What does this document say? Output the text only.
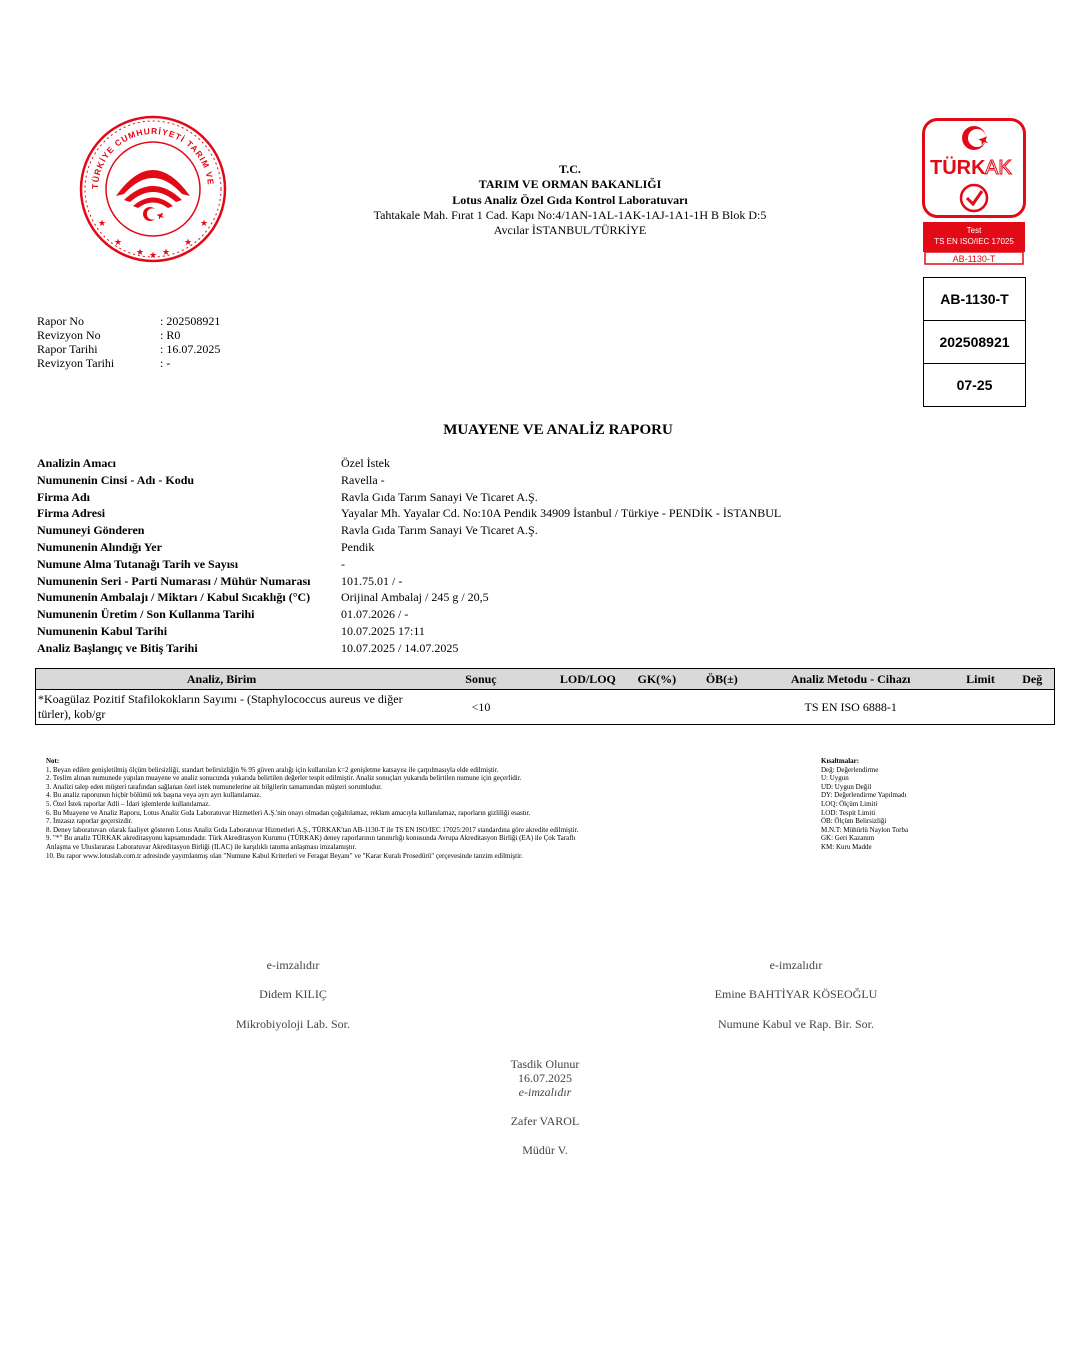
TÜRKİYE CUMHURİYETİ TARIM VE
★	★
★	★
★ ★
★
T.C.
TARIM VE ORMAN BAKANLIĞI
Lotus Analiz Özel Gıda Kontrol Laboratuvarı
Tahtakale Mah. Fırat 1 Cad. Kapı No:4/1AN-1AL-1AK-1AJ-1A1-1H B Blok D:5
Avcılar İSTANBUL/TÜRKİYE
TÜRK AK
Test
TS EN ISO/IEC 17025
AB-1130-T
AB-1130-T
202508921
07-25
Rapor No	: 202508921
Revizyon No	: R0
Rapor Tarihi	: 16.07.2025
Revizyon Tarihi	: -
MUAYENE VE ANALİZ RAPORU
Analizin Amacı	Özel İstek
Numunenin Cinsi - Adı - Kodu	Ravella -
Firma Adı	Ravla Gıda Tarım Sanayi Ve Ticaret A.Ş.
Firma Adresi	Yayalar Mh. Yayalar Cd. No:10A Pendik 34909 İstanbul / Türkiye - PENDİK - İSTANBUL
Numuneyi Gönderen	Ravla Gıda Tarım Sanayi Ve Ticaret A.Ş.
Numunenin Alındığı Yer	Pendik
Numune Alma Tutanağı Tarih ve Sayısı	-
Numunenin Seri - Parti Numarası / Mühür Numarası	101.75.01 / -
Numunenin Ambalajı / Miktarı / Kabul Sıcaklığı (°C)	Orijinal Ambalaj / 245 g / 20,5
Numunenin Üretim / Son Kullanma Tarihi	01.07.2026 / -
Numunenin Kabul Tarihi	10.07.2025 17:11
Analiz Başlangıç ve Bitiş Tarihi	10.07.2025 / 14.07.2025
Analiz, Birim	Sonuç	LOD/LOQ	GK(%)	ÖB(±)	Analiz Metodu - Cihazı	Limit	Değ
*Koagülaz Pozitif Stafilokokların Sayımı - (Staphylococcus aureus ve diğer türler), kob/gr	<10				TS EN ISO 6888-1		
Not:
1. Beyan edilen genişletilmiş ölçüm belirsizliği, standart belirsizliğin % 95 güven aralığı için kullanılan k=2 genişletme katsayısı ile çarpılmasıyla elde edilmiştir.
2. Teslim alınan numunede yapılan muayene ve analiz sonucunda yukarıda belirtilen değerler tespit edilmiştir. Analiz sonuçları yukarıda belirtilen numune için geçerlidir.
3. Analizi talep eden müşteri tarafından sağlanan özel istek numunelerine ait bilgilerin tamamından müşteri sorumludur.
4. Bu analiz raporunun hiçbir bölümü tek başına veya ayrı ayrı kullanılamaz.
5. Özel İstek raporlar Adli – İdari işlemlerde kullanılamaz.
6. Bu Muayene ve Analiz Raporu, Lotus Analiz Gıda Laboratuvar Hizmetleri A.Ş.'nin onayı olmadan çoğaltılamaz, reklam amacıyla kullanılamaz, raporların gizliliği esastır.
7. İmzasız raporlar geçersizdir.
8. Deney laboratuvarı olarak faaliyet gösteren Lotus Analiz Gıda Laboratuvar Hizmetleri A.Ş., TÜRKAK'tan AB-1130-T ile TS EN ISO/IEC 17025:2017 standardına göre akredite edilmiştir.
9. "*" Bu analiz TÜRKAK akreditasyonu kapsamındadır. Türk Akreditasyon Kurumu (TÜRKAK) deney raporlarının tanınırlığı konusunda Avrupa Akreditasyon Birliği (EA) ile Çok Taraflı
Anlaşma ve Uluslararası Laboratuvar Akreditasyon Birliği (ILAC) ile karşılıklı tanıma anlaşması imzalamıştır.
10. Bu rapor www.lotuslab.com.tr adresinde yayımlanmış olan "Numune Kabul Kriterleri ve Feragat Beyanı" ve "Karar Kuralı Prosedürü" çerçevesinde tanzim edilmiştir.
Kısaltmalar:
Değ: Değerlendirme
U: Uygun
UD: Uygun Değil
DY: Değerlendirme Yapılmadı
LOQ: Ölçüm Limiti
LOD: Tespit Limiti
ÖB: Ölçüm Belirsizliği
M.N.T: Mühürlü Naylon Torba
GK: Geri Kazanım
KM: Kuru Madde
e-imzalıdır
Didem KILIÇ
Mikrobiyoloji Lab. Sor.
e-imzalıdır
Emine BAHTİYAR KÖSEOĞLU
Numune Kabul ve Rap. Bir. Sor.
Tasdik Olunur
16.07.2025
e-imzalıdır
Zafer VAROL
Müdür V.
